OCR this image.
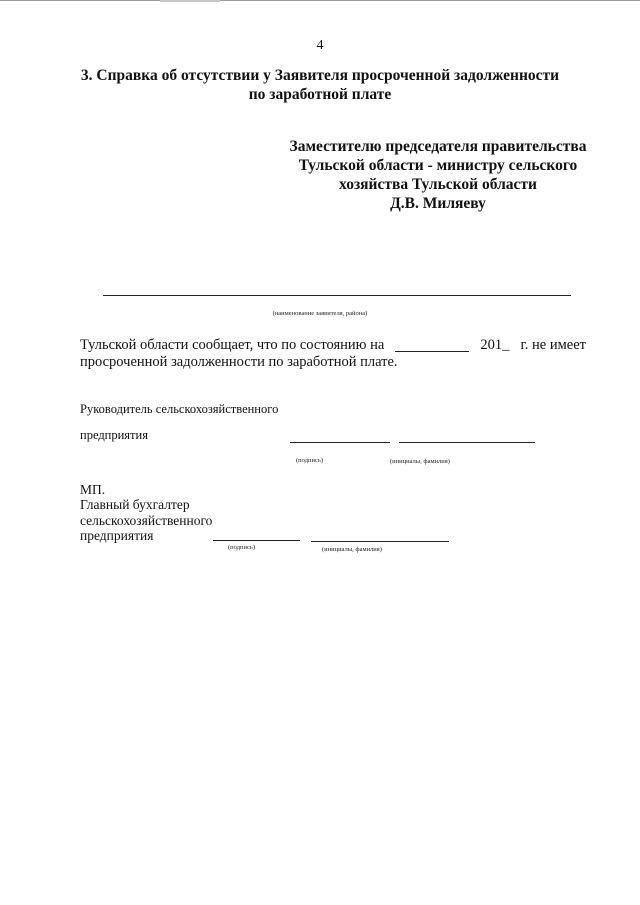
4
3. Справка об отсутствии у Заявителя просроченной задолженности
по заработной плате
Заместителю председателя правительства
Тульской области - министру сельского
хозяйства Тульской области
Д.В. Миляеву
(наименование заявителя, района)
Тульской области сообщает, что по состоянию на	201_ г. не имеет
просроченной задолженности по заработной плате.
Руководитель сельскохозяйственного
предприятия
(подпись)	(инициалы, фамилия)
МП.
Главный бухгалтер
сельскохозяйственного
предприятия
(подпись)	(инициалы, фамилия)
